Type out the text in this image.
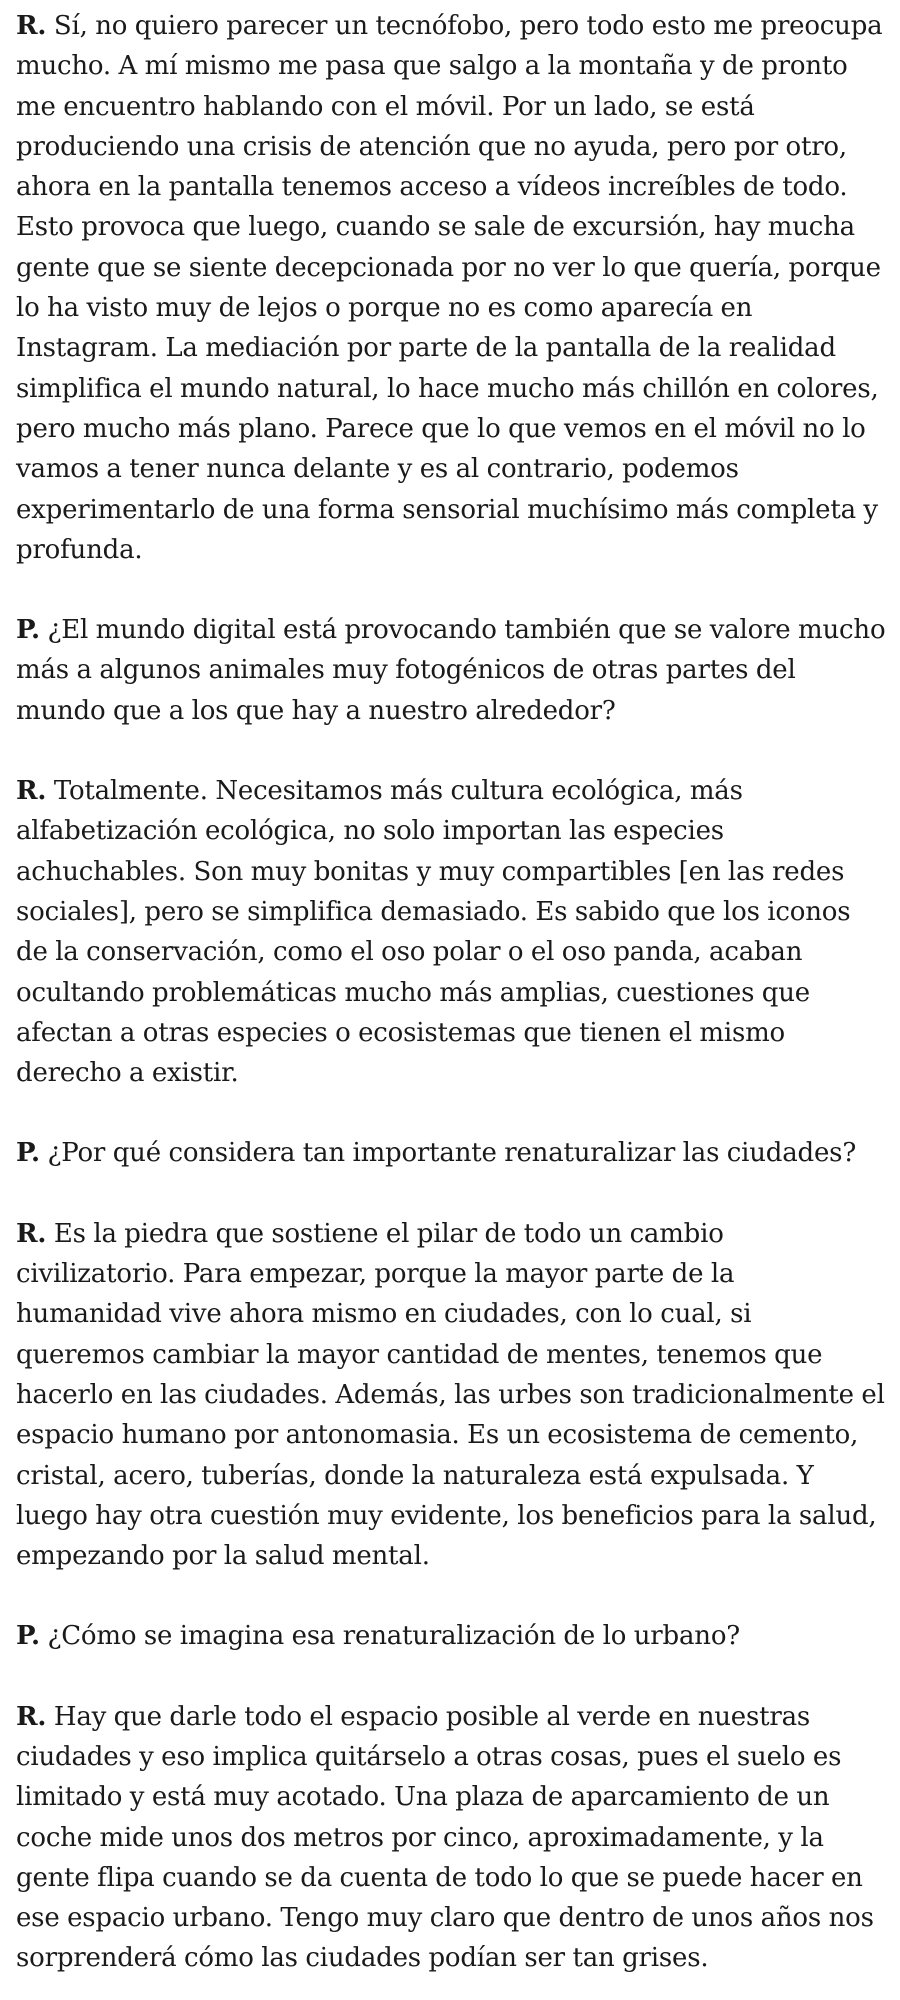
R. Sí, no quiero parecer un tecnófobo, pero todo esto me preocupa mucho. A mí mismo me pasa que salgo a la montaña y de pronto me encuentro hablando con el móvil. Por un lado, se está produciendo una crisis de atención que no ayuda, pero por otro, ahora en la pantalla tenemos acceso a vídeos increíbles de todo. Esto provoca que luego, cuando se sale de excursión, hay mucha gente que se siente decepcionada por no ver lo que quería, porque lo ha visto muy de lejos o porque no es como aparecía en Instagram. La mediación por parte de la pantalla de la realidad simplifica el mundo natural, lo hace mucho más chillón en colores, pero mucho más plano. Parece que lo que vemos en el móvil no lo vamos a tener nunca delante y es al contrario, podemos experimentarlo de una forma sensorial muchísimo más completa y profunda.

P. ¿El mundo digital está provocando también que se valore mucho más a algunos animales muy fotogénicos de otras partes del mundo que a los que hay a nuestro alrededor?

R. Totalmente. Necesitamos más cultura ecológica, más alfabetización ecológica, no solo importan las especies achuchables. Son muy bonitas y muy compartibles [en las redes sociales], pero se simplifica demasiado. Es sabido que los iconos de la conservación, como el oso polar o el oso panda, acaban ocultando problemáticas mucho más amplias, cuestiones que afectan a otras especies o ecosistemas que tienen el mismo derecho a existir.

P. ¿Por qué considera tan importante renaturalizar las ciudades?

R. Es la piedra que sostiene el pilar de todo un cambio civilizatorio. Para empezar, porque la mayor parte de la humanidad vive ahora mismo en ciudades, con lo cual, si queremos cambiar la mayor cantidad de mentes, tenemos que hacerlo en las ciudades. Además, las urbes son tradicionalmente el espacio humano por antonomasia. Es un ecosistema de cemento, cristal, acero, tuberías, donde la naturaleza está expulsada. Y luego hay otra cuestión muy evidente, los beneficios para la salud, empezando por la salud mental.

P. ¿Cómo se imagina esa renaturalización de lo urbano?

R. Hay que darle todo el espacio posible al verde en nuestras ciudades y eso implica quitárselo a otras cosas, pues el suelo es limitado y está muy acotado. Una plaza de aparcamiento de un coche mide unos dos metros por cinco, aproximadamente, y la gente flipa cuando se da cuenta de todo lo que se puede hacer en ese espacio urbano. Tengo muy claro que dentro de unos años nos sorprenderá cómo las ciudades podían ser tan grises.
